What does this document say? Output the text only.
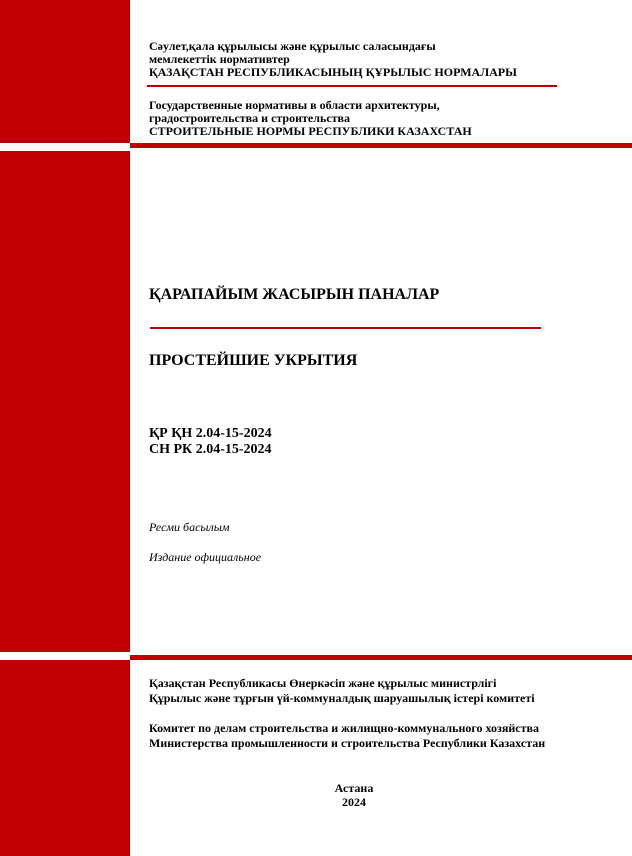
Сәулет,қала құрылысы және құрылыс саласындағы
мемлекеттік нормативтер
ҚАЗАҚСТАН РЕСПУБЛИКАСЫНЫҢ ҚҰРЫЛЫС НОРМАЛАРЫ
Государственные нормативы в области архитектуры,
градостроительства и строительства
СТРОИТЕЛЬНЫЕ НОРМЫ РЕСПУБЛИКИ КАЗАХСТАН
ҚАРАПАЙЫМ ЖАСЫРЫН ПАНАЛАР
ПРОСТЕЙШИЕ УКРЫТИЯ
ҚР ҚН 2.04-15-2024
СН РК 2.04-15-2024
Ресми басылым
Издание официальное
Қазақстан Республикасы Өнеркәсіп және құрылыс министрлігі
Құрылыс және тұрғын үй-коммуналдық шаруашылық істері комитеті
Комитет по делам строительства и жилищно-коммунального хозяйства
Министерства промышленности и строительства Республики Казахстан
Астана
2024
